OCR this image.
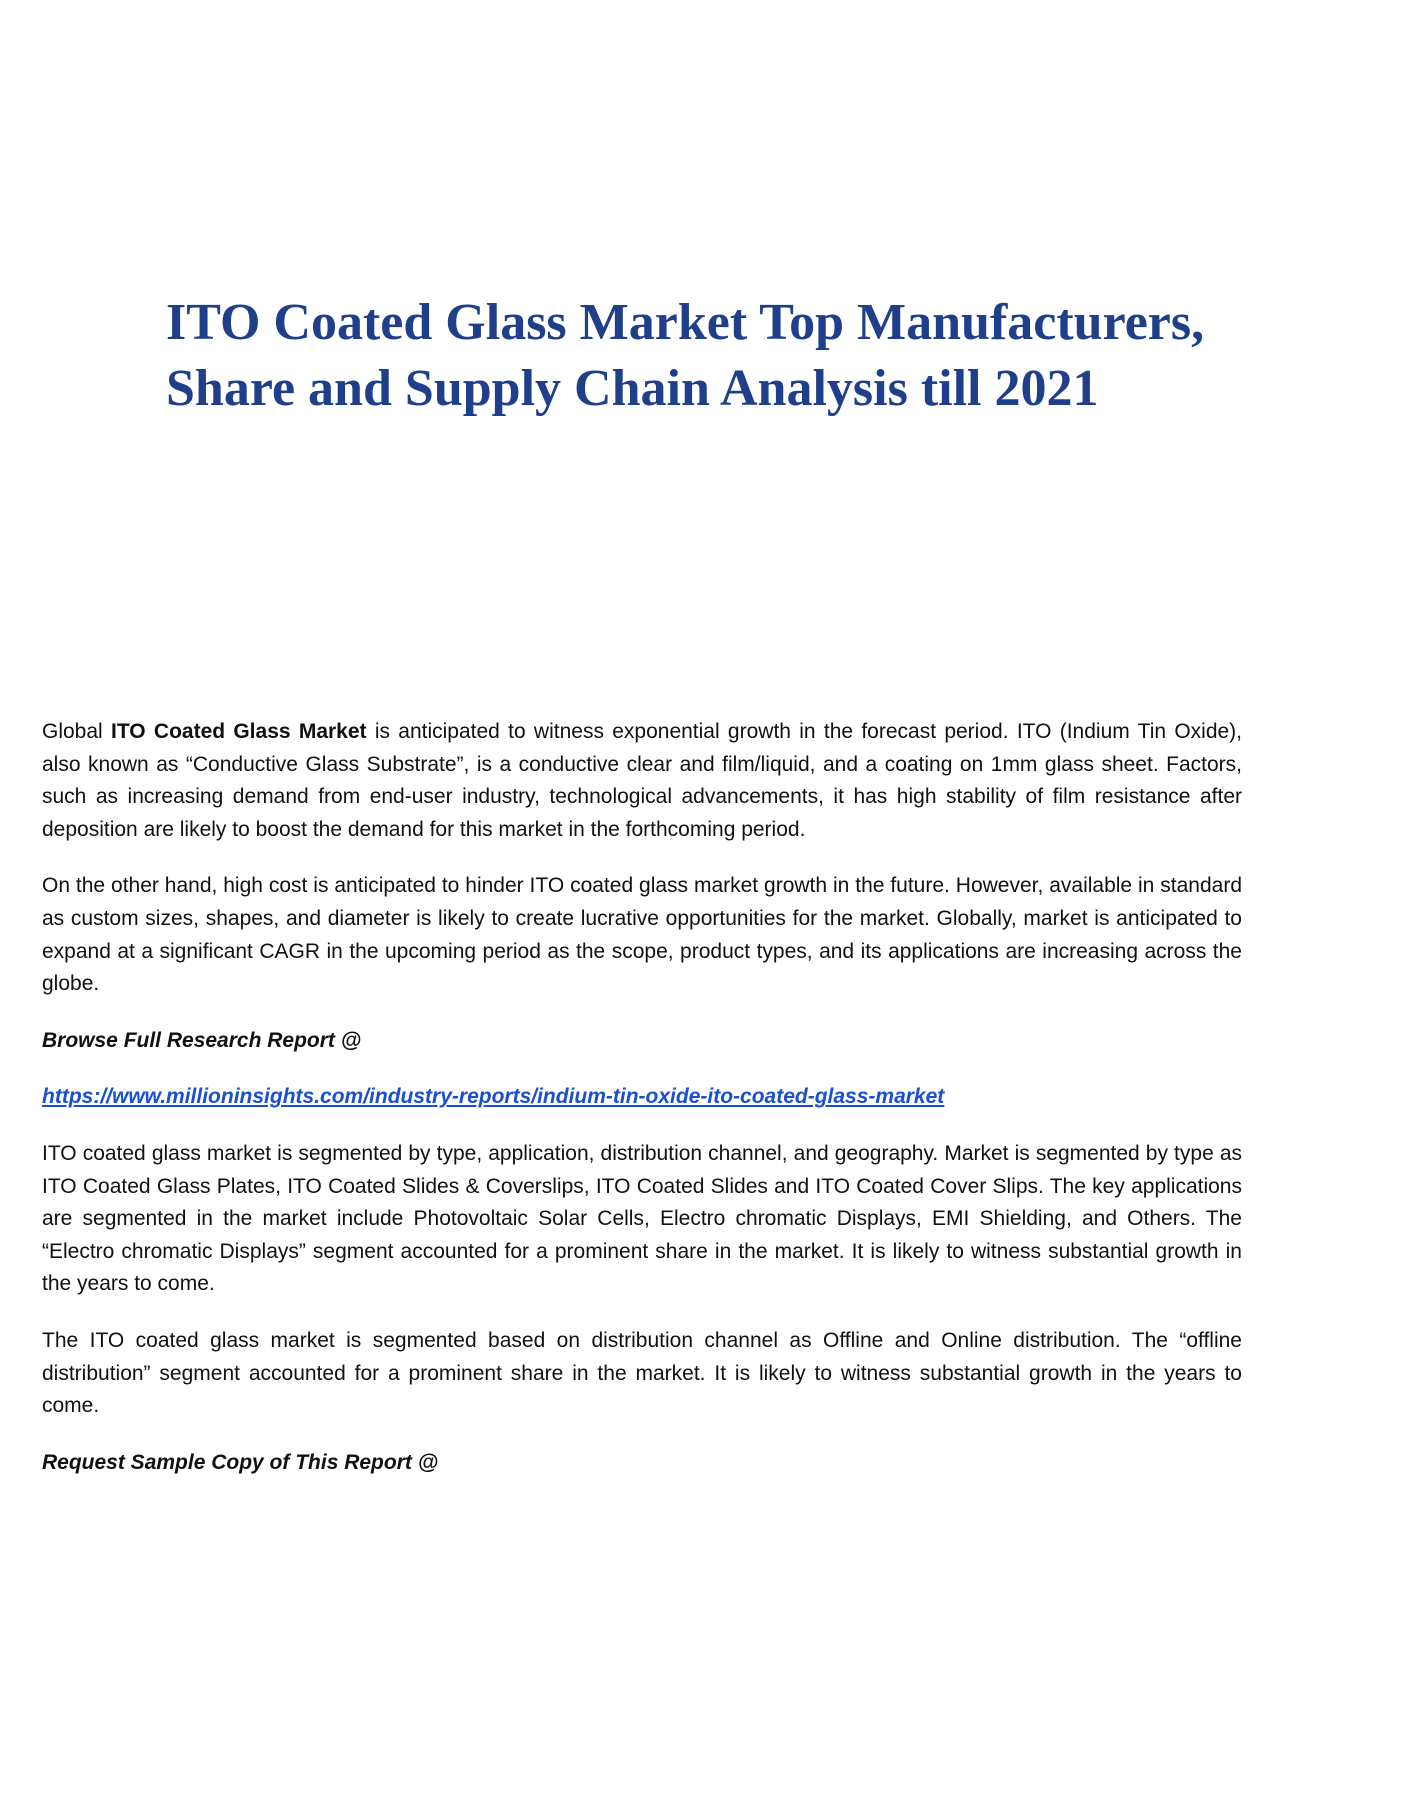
ITO Coated Glass Market Top Manufacturers, Share and Supply Chain Analysis till 2021

Global ITO Coated Glass Market is anticipated to witness exponential growth in the forecast period. ITO (Indium Tin Oxide), also known as “Conductive Glass Substrate”, is a conductive clear and film/liquid, and a coating on 1mm glass sheet. Factors, such as increasing demand from end-user industry, technological advancements, it has high stability of film resistance after deposition are likely to boost the demand for this market in the forthcoming period.

On the other hand, high cost is anticipated to hinder ITO coated glass market growth in the future. However, available in standard as custom sizes, shapes, and diameter is likely to create lucrative opportunities for the market. Globally, market is anticipated to expand at a significant CAGR in the upcoming period as the scope, product types, and its applications are increasing across the globe.

Browse Full Research Report @

https://www.millioninsights.com/industry-reports/indium-tin-oxide-ito-coated-glass-market

ITO coated glass market is segmented by type, application, distribution channel, and geography. Market is segmented by type as ITO Coated Glass Plates, ITO Coated Slides & Coverslips, ITO Coated Slides and ITO Coated Cover Slips. The key applications are segmented in the market include Photovoltaic Solar Cells, Electro chromatic Displays, EMI Shielding, and Others. The “Electro chromatic Displays” segment accounted for a prominent share in the market. It is likely to witness substantial growth in the years to come.

The ITO coated glass market is segmented based on distribution channel as Offline and Online distribution. The “offline distribution” segment accounted for a prominent share in the market. It is likely to witness substantial growth in the years to come.

Request Sample Copy of This Report @
